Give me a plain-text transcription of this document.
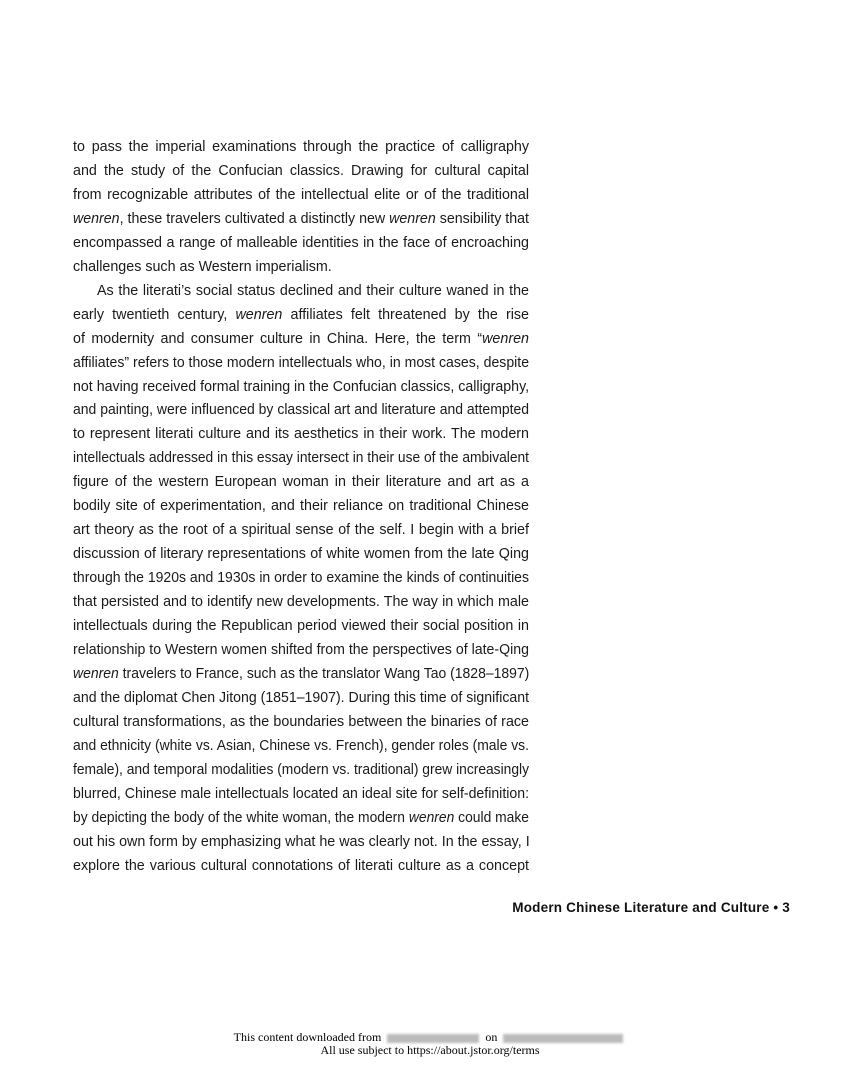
to pass the imperial examinations through the practice of calligraphy
and the study of the Confucian classics. Drawing for cultural capital
from recognizable attributes of the intellectual elite or of the traditional
wenren, these travelers cultivated a distinctly new wenren sensibility that
encompassed a range of malleable identities in the face of encroaching
challenges such as Western imperialism.
As the literati’s social status declined and their culture waned in the
early twentieth century, wenren affiliates felt threatened by the rise
of modernity and consumer culture in China. Here, the term “wenren
affiliates” refers to those modern intellectuals who, in most cases, despite
not having received formal training in the Confucian classics, calligraphy,
and painting, were influenced by classical art and literature and attempted
to represent literati culture and its aesthetics in their work. The modern
intellectuals addressed in this essay intersect in their use of the ambivalent
figure of the western European woman in their literature and art as a
bodily site of experimentation, and their reliance on traditional Chinese
art theory as the root of a spiritual sense of the self. I begin with a brief
discussion of literary representations of white women from the late Qing
through the 1920s and 1930s in order to examine the kinds of continuities
that persisted and to identify new developments. The way in which male
intellectuals during the Republican period viewed their social position in
relationship to Western women shifted from the perspectives of late-Qing
wenren travelers to France, such as the translator Wang Tao (1828–1897)
and the diplomat Chen Jitong (1851–1907). During this time of significant
cultural transformations, as the boundaries between the binaries of race
and ethnicity (white vs. Asian, Chinese vs. French), gender roles (male vs.
female), and temporal modalities (modern vs. traditional) grew increasingly
blurred, Chinese male intellectuals located an ideal site for self-definition:
by depicting the body of the white woman, the modern wenren could make
out his own form by emphasizing what he was clearly not. In the essay, I
explore the various cultural connotations of literati culture as a concept
Modern Chinese Literature and Culture • 3
This content downloaded from	on
All use subject to https://about.jstor.org/terms
